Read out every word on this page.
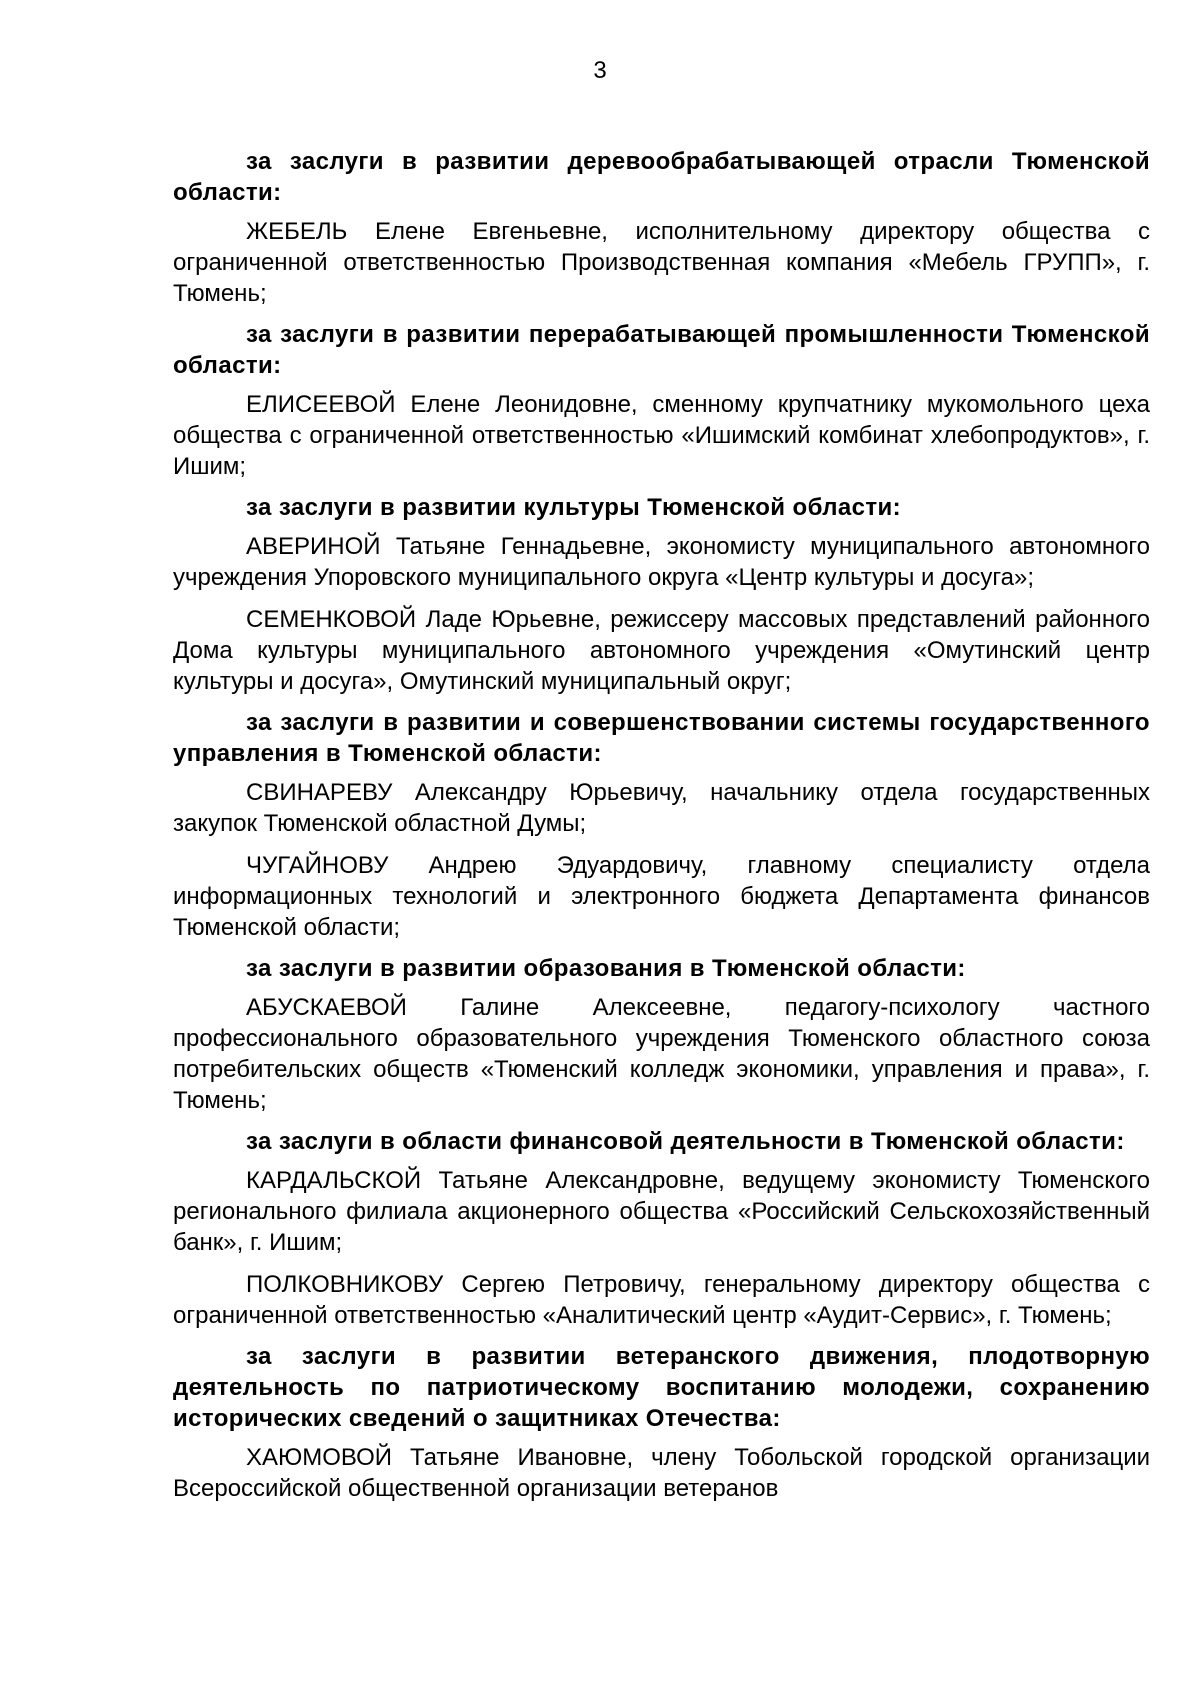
3

за заслуги в развитии деревообрабатывающей отрасли Тюменской области:

ЖЕБЕЛЬ Елене Евгеньевне, исполнительному директору общества с ограниченной ответственностью Производственная компания «Мебель ГРУПП», г. Тюмень;

за заслуги в развитии перерабатывающей промышленности Тюменской области:

ЕЛИСЕЕВОЙ Елене Леонидовне, сменному крупчатнику мукомольного цеха общества с ограниченной ответственностью «Ишимский комбинат хлебопродуктов», г. Ишим;

за заслуги в развитии культуры Тюменской области:

АВЕРИНОЙ Татьяне Геннадьевне, экономисту муниципального автономного учреждения Упоровского муниципального округа «Центр культуры и досуга»;

СЕМЕНКОВОЙ Ладе Юрьевне, режиссеру массовых представлений районного Дома культуры муниципального автономного учреждения «Омутинский центр культуры и досуга», Омутинский муниципальный округ;

за заслуги в развитии и совершенствовании системы государственного управления в Тюменской области:

СВИНАРЕВУ Александру Юрьевичу, начальнику отдела государственных закупок Тюменской областной Думы;

ЧУГАЙНОВУ Андрею Эдуардовичу, главному специалисту отдела информационных технологий и электронного бюджета Департамента финансов Тюменской области;

за заслуги в развитии образования в Тюменской области:

АБУСКАЕВОЙ Галине Алексеевне, педагогу-психологу частного профессионального образовательного учреждения Тюменского областного союза потребительских обществ «Тюменский колледж экономики, управления и права», г. Тюмень;

за заслуги в области финансовой деятельности в Тюменской области:

КАРДАЛЬСКОЙ Татьяне Александровне, ведущему экономисту Тюменского регионального филиала акционерного общества «Российский Сельскохозяйственный банк», г. Ишим;

ПОЛКОВНИКОВУ Сергею Петровичу, генеральному директору общества с ограниченной ответственностью «Аналитический центр «Аудит-Сервис», г. Тюмень;

за заслуги в развитии ветеранского движения, плодотворную деятельность по патриотическому воспитанию молодежи, сохранению исторических сведений о защитниках Отечества:

ХАЮМОВОЙ Татьяне Ивановне, члену Тобольской городской организации Всероссийской общественной организации ветеранов
